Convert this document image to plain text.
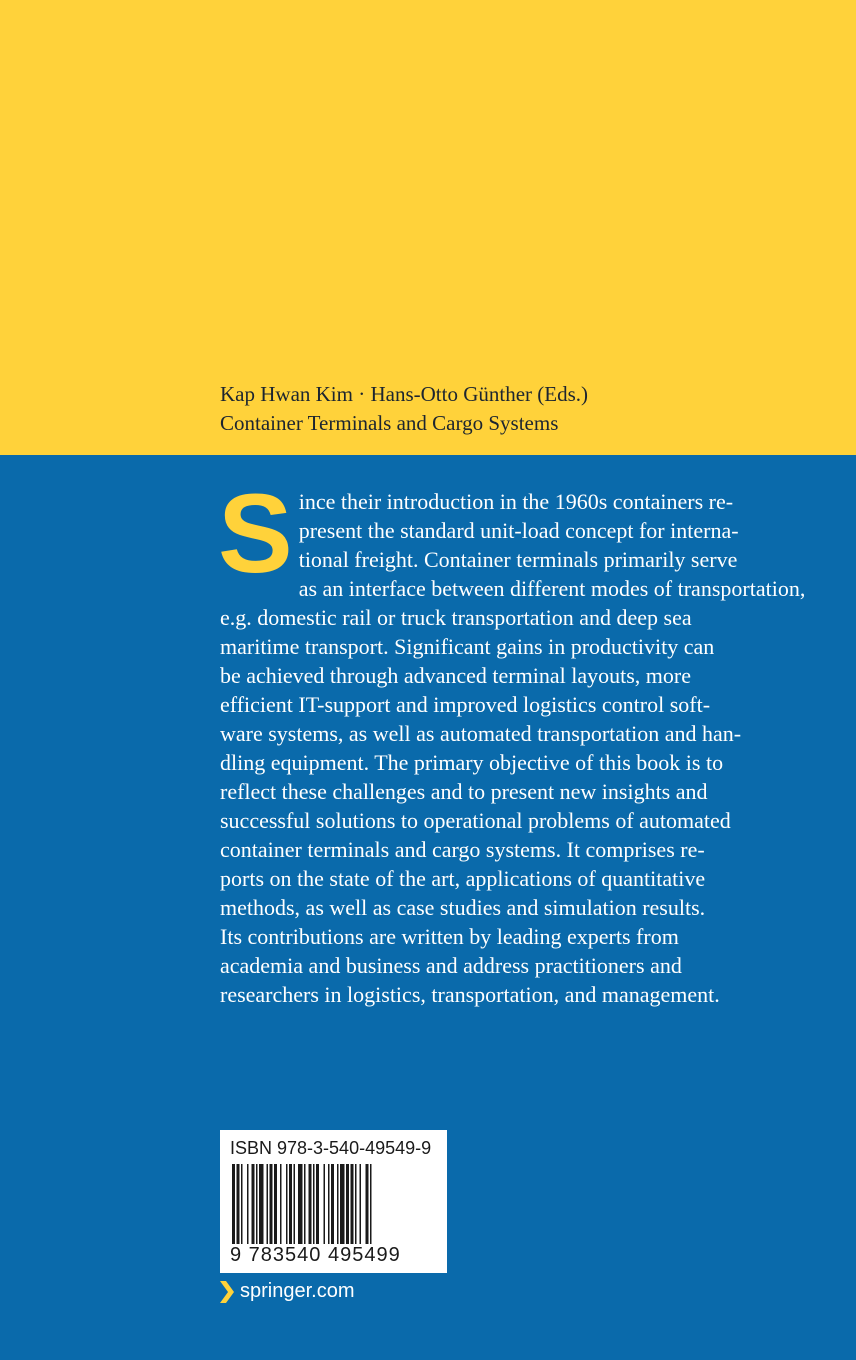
Kap Hwan Kim · Hans-Otto Günther (Eds.)
Container Terminals and Cargo Systems
S ince their introduction in the 1960s containers re-
present the standard unit-load concept for interna-
tional freight. Container terminals primarily serve
as an interface between different modes of transportation,
e.g. domestic rail or truck transportation and deep sea
maritime transport. Significant gains in productivity can
be achieved through advanced terminal layouts, more
efficient IT-support and improved logistics control soft-
ware systems, as well as automated transportation and han-
dling equipment. The primary objective of this book is to
reflect these challenges and to present new insights and
successful solutions to operational problems of automated
container terminals and cargo systems. It comprises re-
ports on the state of the art, applications of quantitative
methods, as well as case studies and simulation results.
Its contributions are written by leading experts from
academia and business and address practitioners and
researchers in logistics, transportation, and management.
ISBN 978-3-540-49549-9
9 783540 495499
springer.com
